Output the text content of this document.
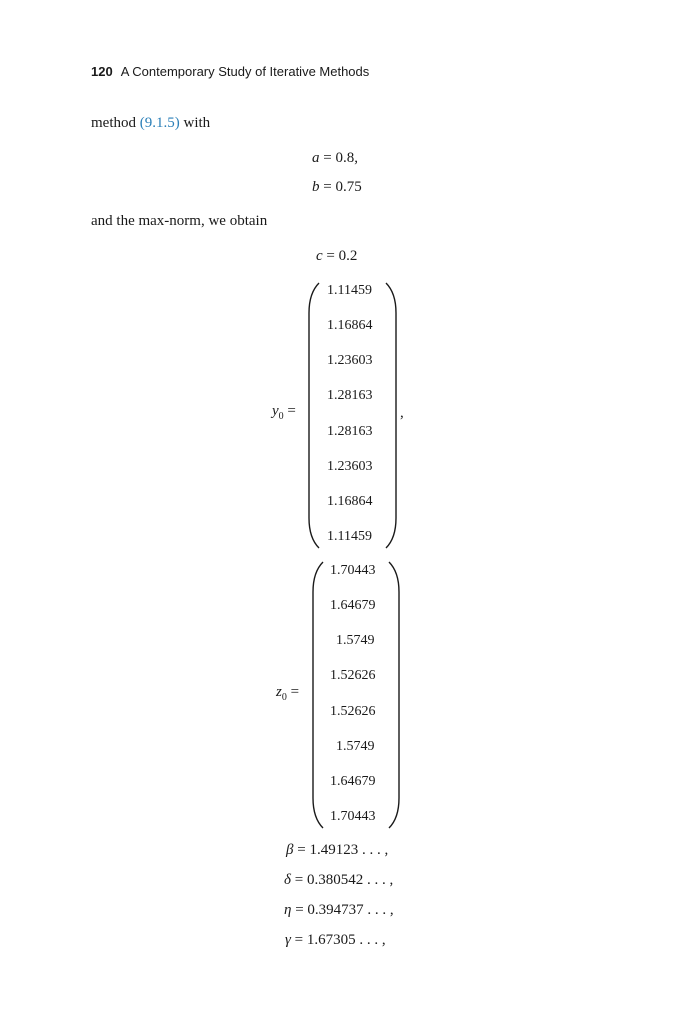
120 A Contemporary Study of Iterative Methods
method (9.1.5) with
a = 0.8,
b = 0.75
and the max-norm, we obtain
c = 0.2
$y_0$ =
1.11459
1.16864
1.23603
1.28163
1.28163
1.23603
1.16864
1.11459
,
$z_0$ =
1.70443
1.64679
1.5749
1.52626
1.52626
1.5749
1.64679
1.70443
β = 1.49123 . . . ,
δ = 0.380542 . . . ,
η = 0.394737 . . . ,
γ = 1.67305 . . . ,
